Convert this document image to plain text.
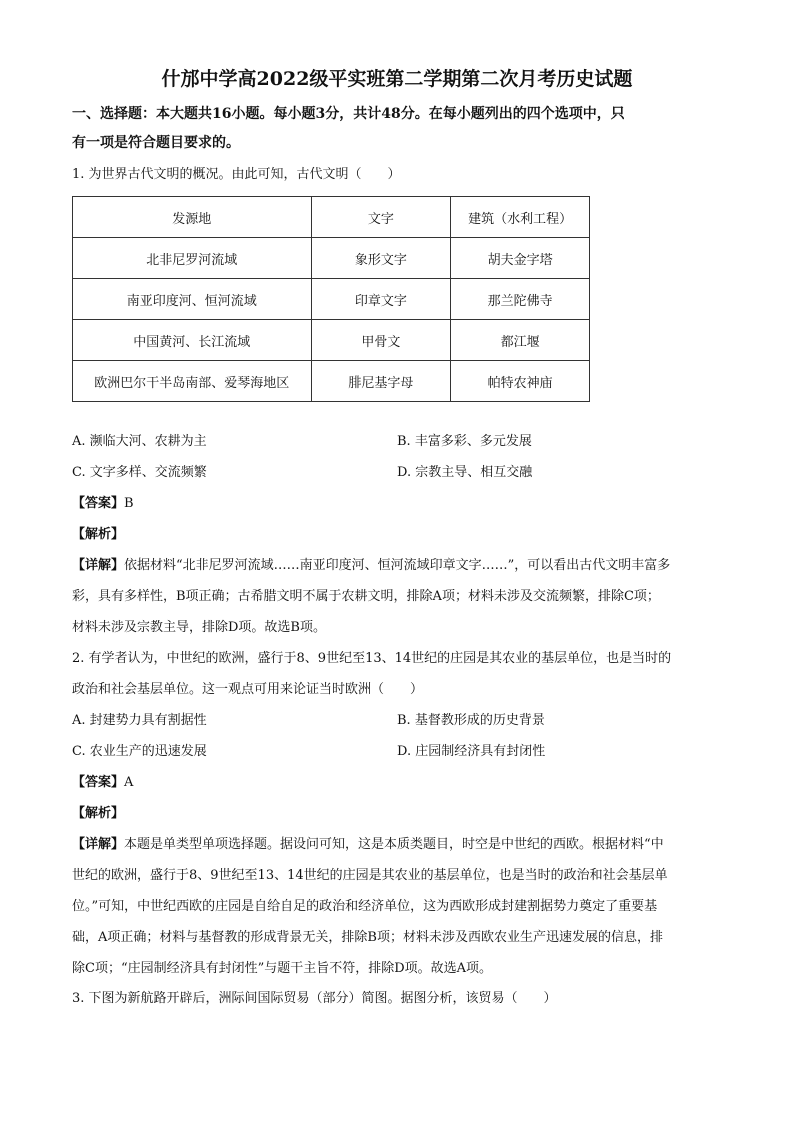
什邡中学高2022级平实班第二学期第二次月考历史试题

一、选择题：本大题共16小题。每小题3分，共计48分。在每小题列出的四个选项中，只
有一项是符合题目要求的。

1. 为世界古代文明的概况。由此可知，古代文明（　　）

发源地	文字	建筑（水利工程）
北非尼罗河流域	象形文字	胡夫金字塔
南亚印度河、恒河流域	印章文字	那兰陀佛寺
中国黄河、长江流域	甲骨文	都江堰
欧洲巴尔干半岛南部、爱琴海地区	腓尼基字母	帕特农神庙
A. 濒临大河、农耕为主	B. 丰富多彩、多元发展
C. 文字多样、交流频繁	D. 宗教主导、相互交融
【答案】B
【解析】
【详解】依据材料“北非尼罗河流域……南亚印度河、恒河流域印章文字……”，可以看出古代文明丰富多
彩，具有多样性，B项正确；古希腊文明不属于农耕文明，排除A项；材料未涉及交流频繁，排除C项；
材料未涉及宗教主导，排除D项。故选B项。
2. 有学者认为，中世纪的欧洲，盛行于8、9世纪至13、14世纪的庄园是其农业的基层单位，也是当时的
政治和社会基层单位。这一观点可用来论证当时欧洲（　　）
A. 封建势力具有割据性	B. 基督教形成的历史背景
C. 农业生产的迅速发展	D. 庄园制经济具有封闭性
【答案】A
【解析】
【详解】本题是单类型单项选择题。据设问可知，这是本质类题目，时空是中世纪的西欧。根据材料“中
世纪的欧洲，盛行于8、9世纪至13、14世纪的庄园是其农业的基层单位，也是当时的政治和社会基层单
位。”可知，中世纪西欧的庄园是自给自足的政治和经济单位，这为西欧形成封建割据势力奠定了重要基
础，A项正确；材料与基督教的形成背景无关，排除B项；材料未涉及西欧农业生产迅速发展的信息，排
除C项；“庄园制经济具有封闭性”与题干主旨不符，排除D项。故选A项。

3. 下图为新航路开辟后，洲际间国际贸易（部分）简图。据图分析，该贸易（　　）
